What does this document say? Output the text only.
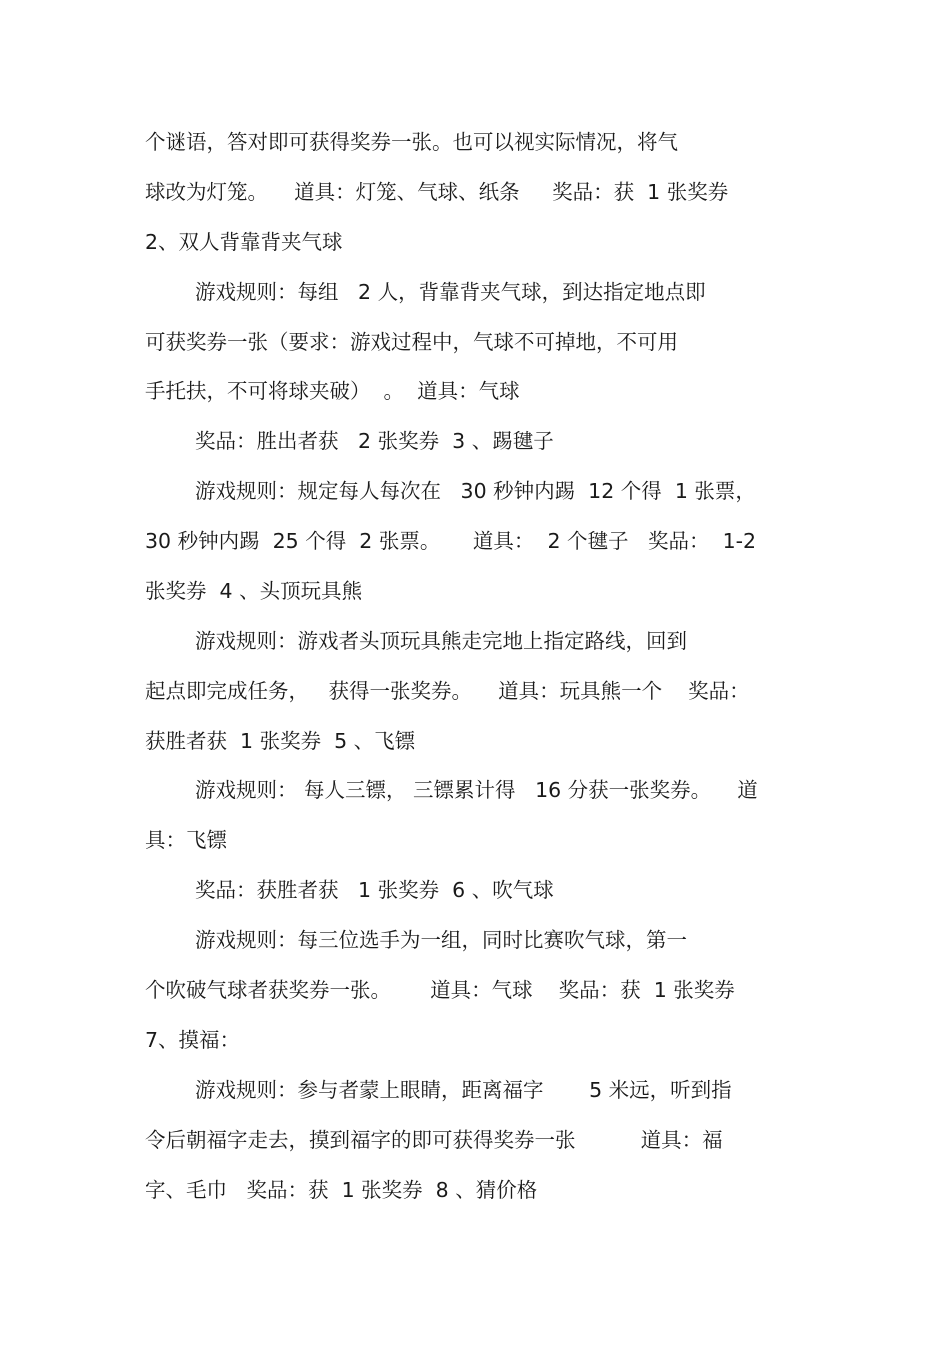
个谜语，答对即可获得奖券一张。也可以视实际情况，将气
球改为灯笼。    道具：灯笼、气球、纸条     奖品：获  1 张奖券
2、双人背靠背夹气球
游戏规则：每组   2 人，背靠背夹气球，到达指定地点即
可获奖券一张（要求：游戏过程中，气球不可掉地，不可用
手托扶，不可将球夹破）  。  道具：气球
奖品：胜出者获   2 张奖券  3 、踢毽子
游戏规则：规定每人每次在   30 秒钟内踢  12 个得  1 张票，
30 秒钟内踢  25 个得  2 张票。     道具：  2 个毽子   奖品：  1-2
张奖券  4 、头顶玩具熊
游戏规则：游戏者头顶玩具熊走完地上指定路线，回到
起点即完成任务，   获得一张奖券。    道具：玩具熊一个    奖品：
获胜者获  1 张奖券  5 、飞镖
游戏规则： 每人三镖， 三镖累计得   16 分获一张奖券。    道
具：飞镖
奖品：获胜者获   1 张奖券  6 、吹气球
游戏规则：每三位选手为一组，同时比赛吹气球，第一
个吹破气球者获奖券一张。      道具：气球    奖品：获  1 张奖券
7、摸福：
游戏规则：参与者蒙上眼睛，距离福字       5 米远，听到指
令后朝福字走去，摸到福字的即可获得奖券一张          道具：福
字、毛巾   奖品：获  1 张奖券  8 、猜价格
